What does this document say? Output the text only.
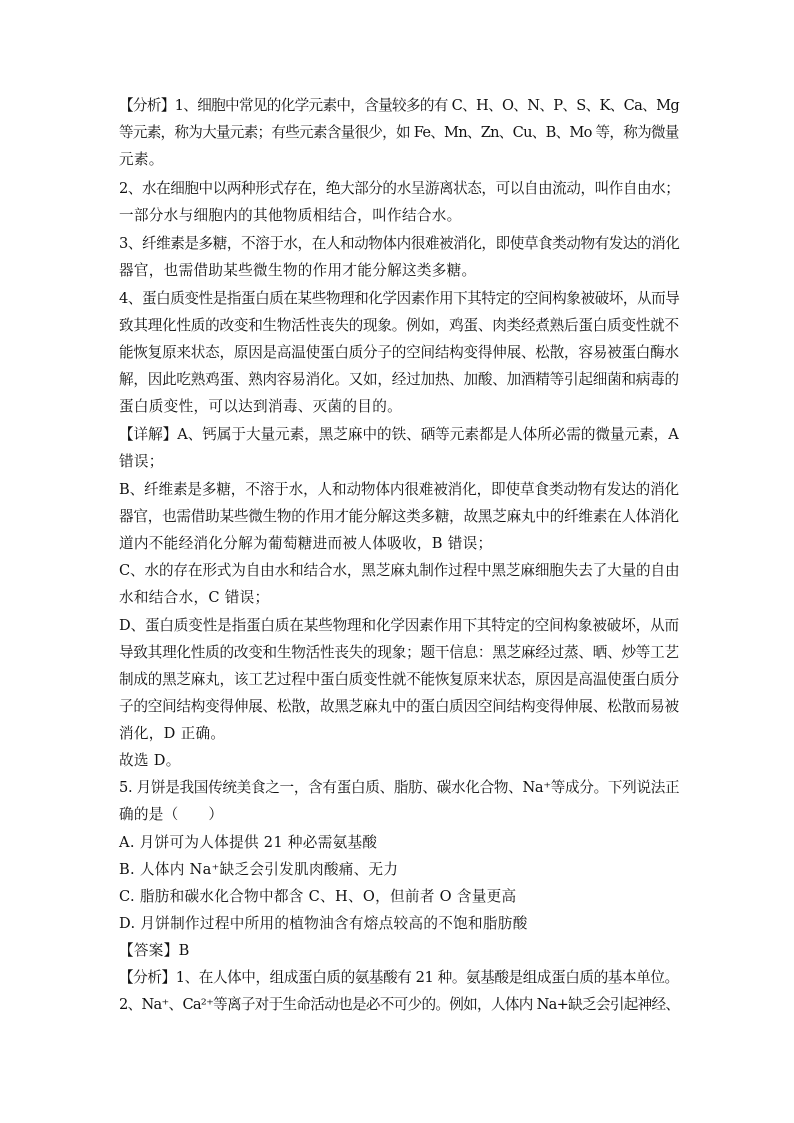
【分析】1、细胞中常见的化学元素中，含量较多的有 C、H、O、N、P、S、K、Ca、Mg
等元素，称为大量元素；有些元素含量很少，如 Fe、Mn、Zn、Cu、B、Mo 等，称为微量
元素。
2、水在细胞中以两种形式存在，绝大部分的水呈游离状态，可以自由流动，叫作自由水；
一部分水与细胞内的其他物质相结合，叫作结合水。
3、纤维素是多糖，不溶于水，在人和动物体内很难被消化，即使草食类动物有发达的消化
器官，也需借助某些微生物的作用才能分解这类多糖。
4、蛋白质变性是指蛋白质在某些物理和化学因素作用下其特定的空间构象被破坏，从而导
致其理化性质的改变和生物活性丧失的现象。例如，鸡蛋、肉类经煮熟后蛋白质变性就不
能恢复原来状态，原因是高温使蛋白质分子的空间结构变得伸展、松散，容易被蛋白酶水
解，因此吃熟鸡蛋、熟肉容易消化。又如，经过加热、加酸、加酒精等引起细菌和病毒的
蛋白质变性，可以达到消毒、灭菌的目的。
【详解】A、钙属于大量元素，黑芝麻中的铁、硒等元素都是人体所必需的微量元素，A
错误；
B、纤维素是多糖，不溶于水，人和动物体内很难被消化，即使草食类动物有发达的消化
器官，也需借助某些微生物的作用才能分解这类多糖，故黑芝麻丸中的纤维素在人体消化
道内不能经消化分解为葡萄糖进而被人体吸收，B 错误；
C、水的存在形式为自由水和结合水，黑芝麻丸制作过程中黑芝麻细胞失去了大量的自由
水和结合水，C 错误；
D、蛋白质变性是指蛋白质在某些物理和化学因素作用下其特定的空间构象被破坏，从而
导致其理化性质的改变和生物活性丧失的现象；题干信息：黑芝麻经过蒸、晒、炒等工艺
制成的黑芝麻丸，该工艺过程中蛋白质变性就不能恢复原来状态，原因是高温使蛋白质分
子的空间结构变得伸展、松散，故黑芝麻丸中的蛋白质因空间结构变得伸展、松散而易被
消化，D 正确。
故选 D。
5. 月饼是我国传统美食之一，含有蛋白质、脂肪、碳水化合物、Na⁺等成分。下列说法正
确的是（　　）
A. 月饼可为人体提供 21 种必需氨基酸
B. 人体内 Na⁺缺乏会引发肌肉酸痛、无力
C. 脂肪和碳水化合物中都含 C、H、O，但前者 O 含量更高
D. 月饼制作过程中所用的植物油含有熔点较高的不饱和脂肪酸
【答案】B
【分析】1、在人体中，组成蛋白质的氨基酸有 21 种。氨基酸是组成蛋白质的基本单位。
2、Na⁺、Ca²⁺等离子对于生命活动也是必不可少的。例如，人体内 Na+缺乏会引起神经、
